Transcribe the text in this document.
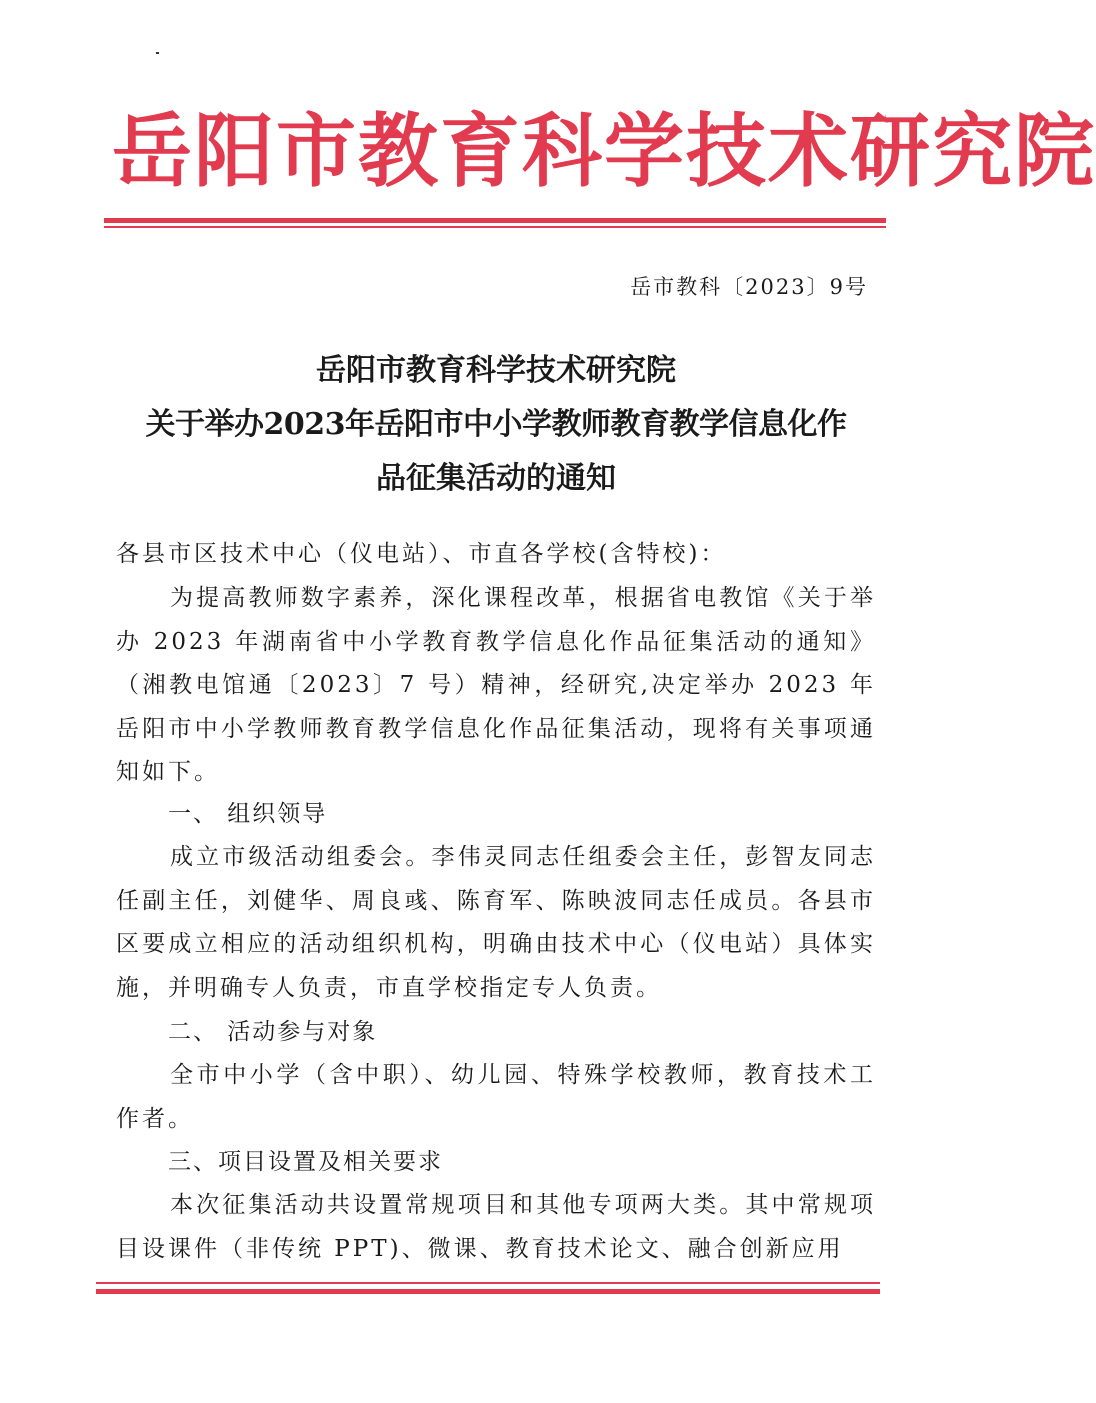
岳阳市教育科学技术研究院
岳市教科〔2023〕9号
岳阳市教育科学技术研究院
关于举办2023年岳阳市中小学教师教育教学信息化作
品征集活动的通知

各县市区技术中心（仪电站）、市直各学校(含特校)：

为提高教师数字素养，深化课程改革，根据省电教馆《关于举办 2023 年湖南省中小学教育教学信息化作品征集活动的通知》（湘教电馆通〔2023〕7 号）精神，经研究,决定举办 2023 年岳阳市中小学教师教育教学信息化作品征集活动，现将有关事项通知如下。

一、 组织领导

成立市级活动组委会。李伟灵同志任组委会主任，彭智友同志任副主任，刘健华、周良彧、陈育军、陈映波同志任成员。各县市区要成立相应的活动组织机构，明确由技术中心（仪电站）具体实施，并明确专人负责，市直学校指定专人负责。

二、 活动参与对象

全市中小学（含中职）、幼儿园、特殊学校教师，教育技术工作者。

三、项目设置及相关要求

本次征集活动共设置常规项目和其他专项两大类。其中常规项目设课件（非传统 PPT)、微课、教育技术论文、融合创新应用
